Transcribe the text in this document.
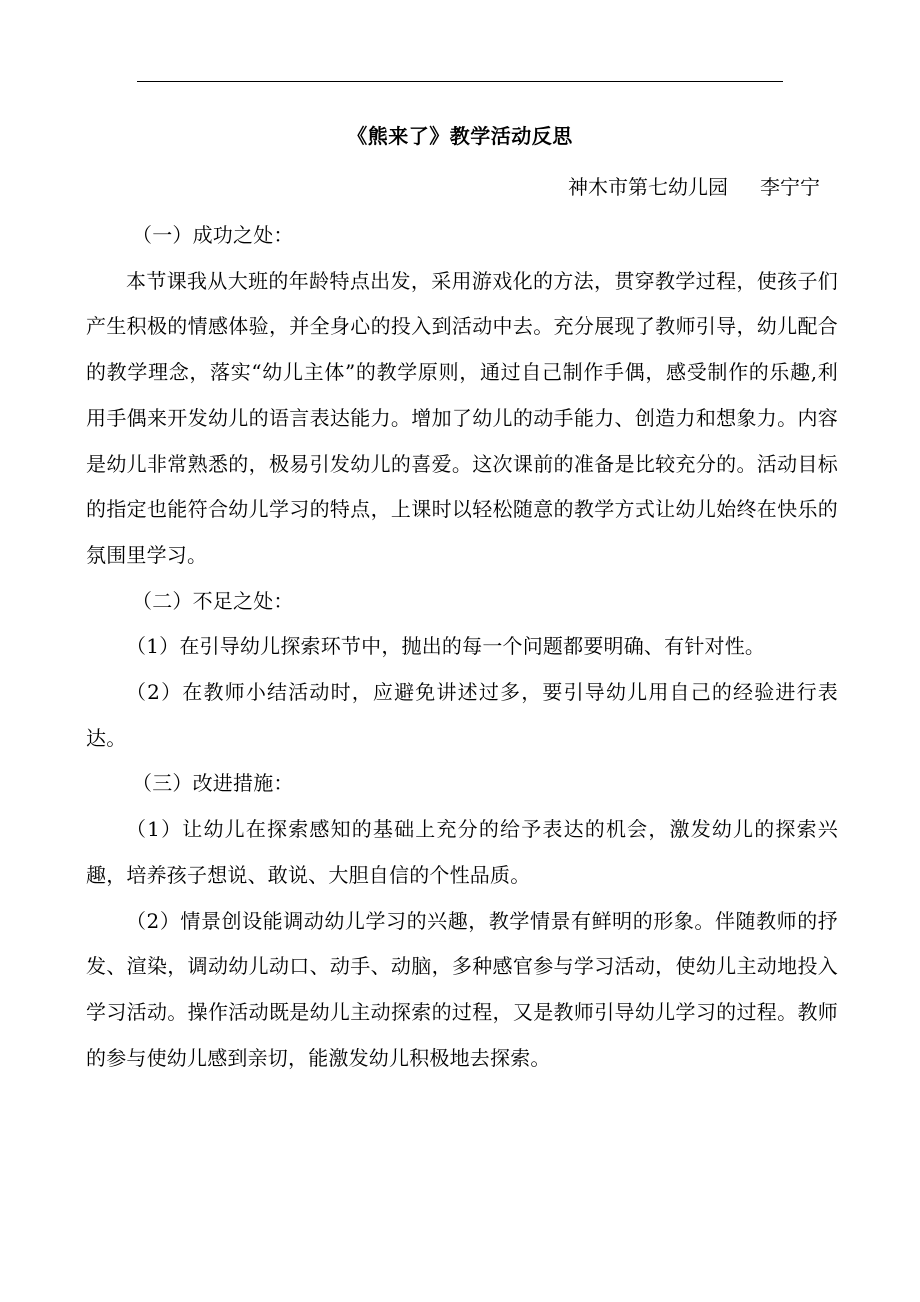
《熊来了》教学活动反思
神木市第七幼儿园 李宁宁

（一）成功之处：

本节课我从大班的年龄特点出发，采用游戏化的方法，贯穿教学过程，使孩子们产生积极的情感体验，并全身心的投入到活动中去。充分展现了教师引导，幼儿配合的教学理念，落实“幼儿主体”的教学原则，通过自己制作手偶，感受制作的乐趣,利用手偶来开发幼儿的语言表达能力。增加了幼儿的动手能力、创造力和想象力。内容是幼儿非常熟悉的，极易引发幼儿的喜爱。这次课前的准备是比较充分的。活动目标的指定也能符合幼儿学习的特点，上课时以轻松随意的教学方式让幼儿始终在快乐的氛围里学习。

（二）不足之处：

（1）在引导幼儿探索环节中，抛出的每一个问题都要明确、有针对性。

（2）在教师小结活动时，应避免讲述过多，要引导幼儿用自己的经验进行表达。

（三）改进措施：

（1）让幼儿在探索感知的基础上充分的给予表达的机会，激发幼儿的探索兴趣，培养孩子想说、敢说、大胆自信的个性品质。

（2）情景创设能调动幼儿学习的兴趣，教学情景有鲜明的形象。伴随教师的抒发、渲染，调动幼儿动口、动手、动脑，多种感官参与学习活动，使幼儿主动地投入学习活动。操作活动既是幼儿主动探索的过程，又是教师引导幼儿学习的过程。教师的参与使幼儿感到亲切，能激发幼儿积极地去探索。
